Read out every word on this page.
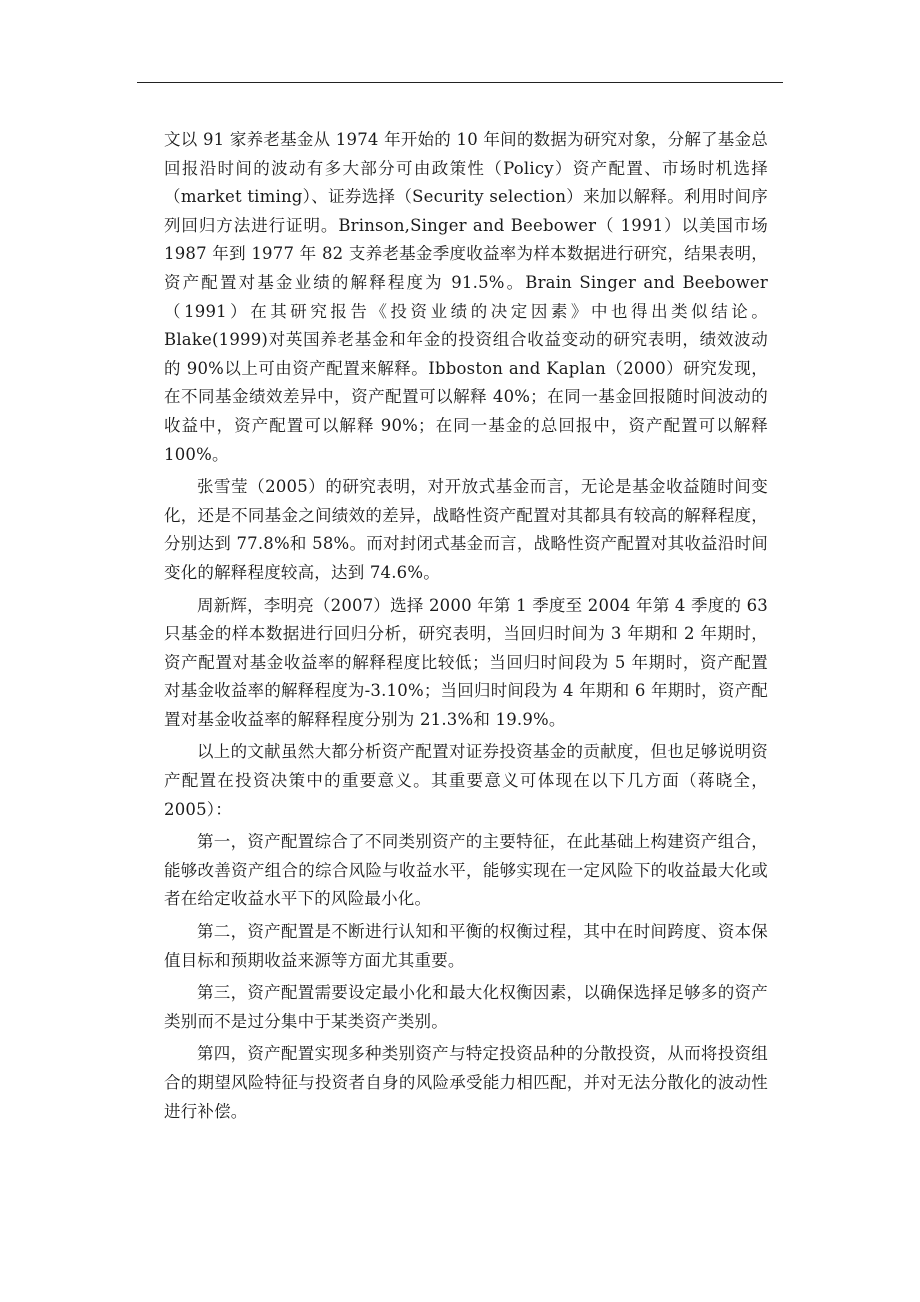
文以 91 家养老基金从 1974 年开始的 10 年间的数据为研究对象，分解了基金总回报沿时间的波动有多大部分可由政策性（Policy）资产配置、市场时机选择（market timing）、证券选择（Security selection）来加以解释。利用时间序列回归方法进行证明。Brinson,Singer and Beebower（ 1991）以美国市场 1987 年到 1977 年 82 支养老基金季度收益率为样本数据进行研究，结果表明，资产配置对基金业绩的解释程度为 91.5%。Brain Singer and Beebower（1991）在其研究报告《投资业绩的决定因素》中也得出类似结论。Blake(1999)对英国养老基金和年金的投资组合收益变动的研究表明，绩效波动的 90%以上可由资产配置来解释。Ibboston and Kaplan（2000）研究发现，在不同基金绩效差异中，资产配置可以解释 40%；在同一基金回报随时间波动的收益中，资产配置可以解释 90%；在同一基金的总回报中，资产配置可以解释 100%。

张雪莹（2005）的研究表明，对开放式基金而言，无论是基金收益随时间变化，还是不同基金之间绩效的差异，战略性资产配置对其都具有较高的解释程度，分别达到 77.8%和 58%。而对封闭式基金而言，战略性资产配置对其收益沿时间变化的解释程度较高，达到 74.6%。

周新辉，李明亮（2007）选择 2000 年第 1 季度至 2004 年第 4 季度的 63 只基金的样本数据进行回归分析，研究表明，当回归时间为 3 年期和 2 年期时，资产配置对基金收益率的解释程度比较低；当回归时间段为 5 年期时，资产配置对基金收益率的解释程度为-3.10%；当回归时间段为 4 年期和 6 年期时，资产配置对基金收益率的解释程度分别为 21.3%和 19.9%。

以上的文献虽然大都分析资产配置对证券投资基金的贡献度，但也足够说明资产配置在投资决策中的重要意义。其重要意义可体现在以下几方面（蒋晓全，2005）：

第一，资产配置综合了不同类别资产的主要特征，在此基础上构建资产组合，能够改善资产组合的综合风险与收益水平，能够实现在一定风险下的收益最大化或者在给定收益水平下的风险最小化。

第二，资产配置是不断进行认知和平衡的权衡过程，其中在时间跨度、资本保值目标和预期收益来源等方面尤其重要。

第三，资产配置需要设定最小化和最大化权衡因素，以确保选择足够多的资产类别而不是过分集中于某类资产类别。

第四，资产配置实现多种类别资产与特定投资品种的分散投资，从而将投资组合的期望风险特征与投资者自身的风险承受能力相匹配，并对无法分散化的波动性进行补偿。
